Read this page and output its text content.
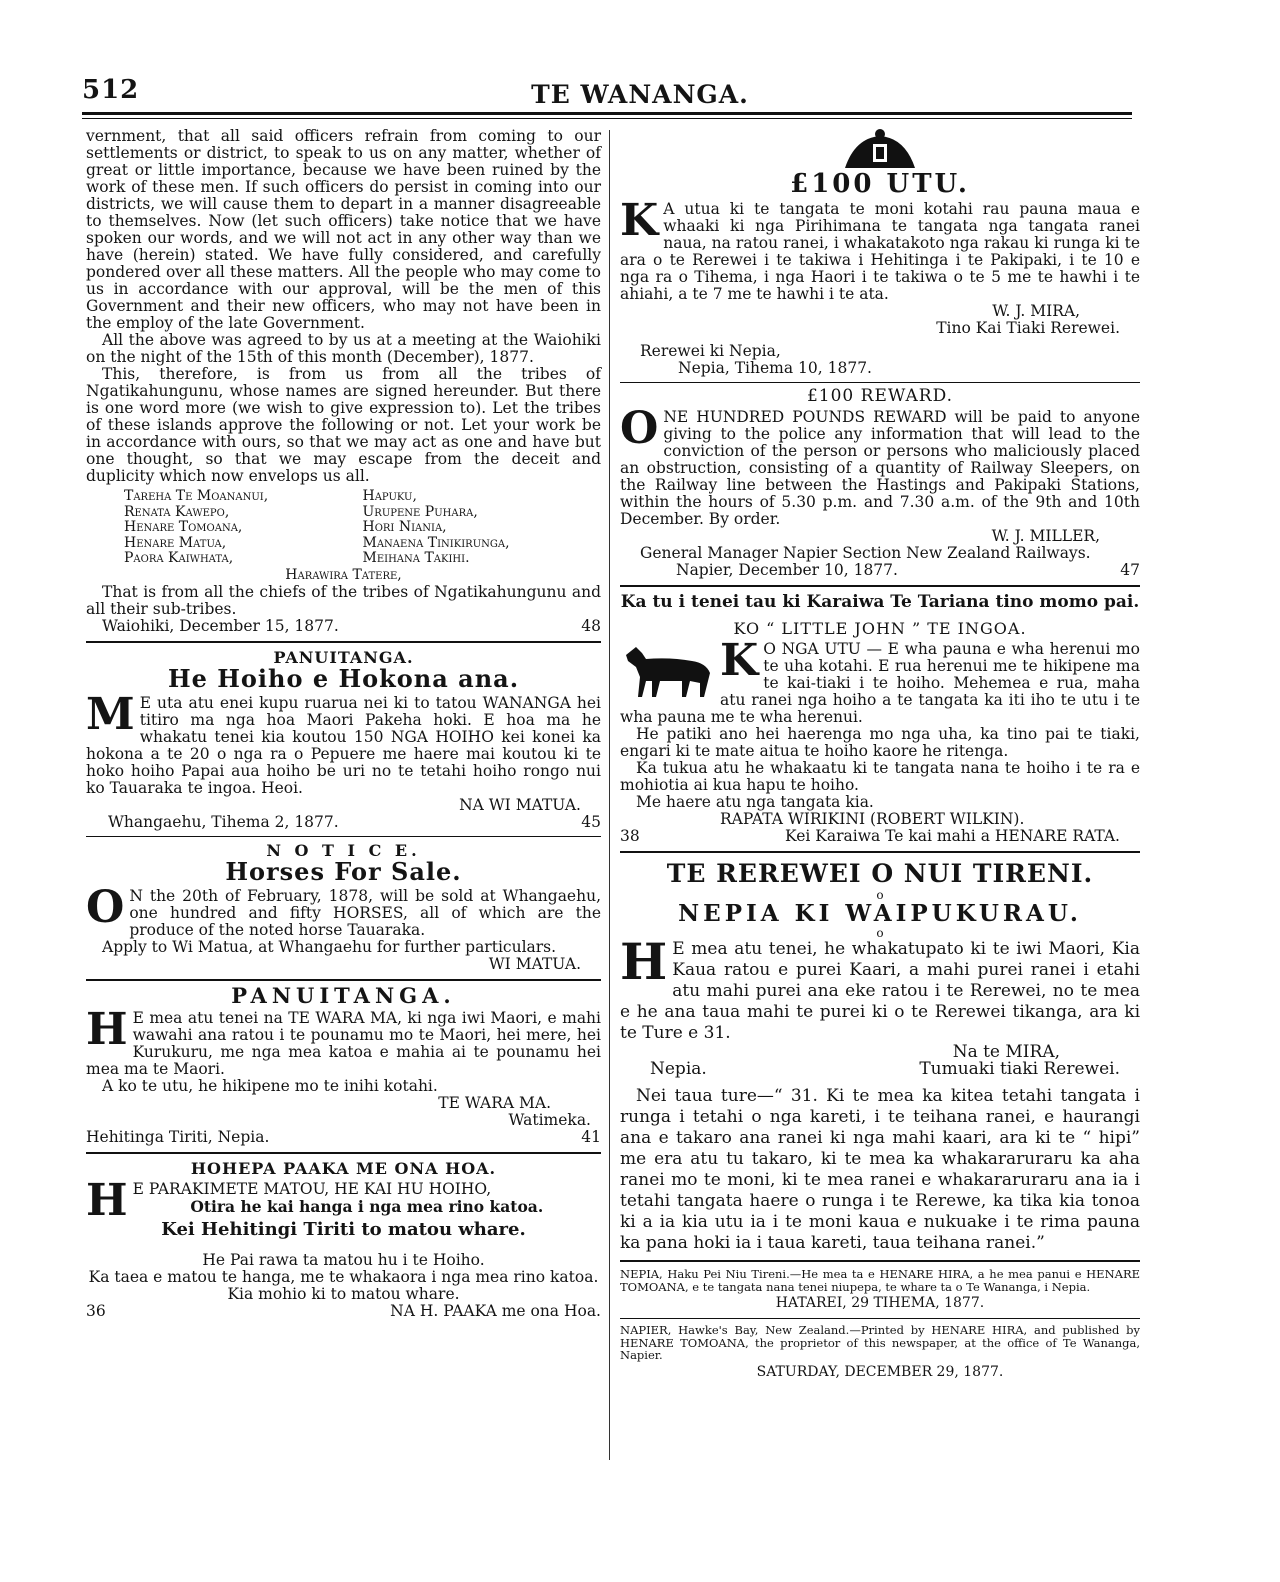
512	TE WANANGA.

vernment, that all said officers refrain from coming to our settlements or district, to speak to us on any matter, whether of great or little importance, because we have been ruined by the work of these men. If such officers do persist in coming into our districts, we will cause them to depart in a manner disagreeable to themselves. Now (let such officers) take notice that we have spoken our words, and we will not act in any other way than we have (herein) stated. We have fully considered, and carefully pondered over all these matters. All the people who may come to us in accordance with our approval, will be the men of this Government and their new officers, who may not have been in the employ of the late Government.

All the above was agreed to by us at a meeting at the Waiohiki on the night of the 15th of this month (December), 1877.

This, therefore, is from us from all the tribes of Ngatikahungunu, whose names are signed hereunder. But there is one word more (we wish to give expression to). Let the tribes of these islands approve the following or not. Let your work be in accordance with ours, so that we may act as one and have but one thought, so that we may escape from the deceit and duplicity which now envelops us all.

Tareha Te Moananui,	Hapuku,
Renata Kawepo,	Urupene Puhara,
Henare Tomoana,	Hori Niania,
Henare Matua,	Manaena Tinikirunga,
Paora Kaiwhata,	Meihana Takihi.
Harawira Tatere,

That is from all the chiefs of the tribes of Ngatikahungunu and all their sub-tribes.

Waiohiki, December 15, 1877.	48
PANUITANGA.
He Hoiho e Hokona ana.

M E uta atu enei kupu ruarua nei ki to tatou WANANGA hei titiro ma nga hoa Maori Pakeha hoki. E hoa ma he whakatu tenei kia koutou 150 NGA HOIHO kei konei ka hokona a te 20 o nga ra o Pepuere me haere mai koutou ki te hoko hoiho Papai aua hoiho be uri no te tetahi hoiho rongo nui ko Tauaraka te ingoa. Heoi.

NA WI MATUA.
Whangaehu, Tihema 2, 1877.	45
N O T I C E.
Horses For Sale.

O N the 20th of February, 1878, will be sold at Whangaehu, one hundred and fifty HORSES, all of which are the produce of the noted horse Tauaraka.

Apply to Wi Matua, at Whangaehu for further particulars.

WI MATUA.
PANUITANGA.

H E mea atu tenei na TE WARA MA, ki nga iwi Maori, e mahi wawahi ana ratou i te pounamu mo te Maori, hei mere, hei Kurukuru, me nga mea katoa e mahia ai te pounamu hei mea ma te Maori.

A ko te utu, he hikipene mo te inihi kotahi.

TE WARA MA.
Watimeka.
Hehitinga Tiriti, Nepia.	41
HOHEPA PAAKA ME ONA HOA.

H E PARAKIMETE MATOU, HE KAI HU HOIHO,

Otira he kai hanga i nga mea rino katoa.
Kei Hehitingi Tiriti to matou whare.
He Pai rawa ta matou hu i te Hoiho.
Ka taea e matou te hanga, me te whakaora i nga mea rino katoa.
Kia mohio ki to matou whare.
36	NA H. PAAKA me ona Hoa.
£100 UTU.

K A utua ki te tangata te moni kotahi rau pauna maua e whaaki ki nga Pirihimana te tangata nga tangata ranei naua, na ratou ranei, i whakatakoto nga rakau ki runga ki te ara o te Rerewei i te takiwa i Hehitinga i te Pakipaki, i te 10 e nga ra o Tihema, i nga Haori i te takiwa o te 5 me te hawhi i te ahiahi, a te 7 me te hawhi i te ata.

W. J. MIRA,
Tino Kai Tiaki Rerewei.
Rerewei ki Nepia,
Nepia, Tihema 10, 1877.
£100 REWARD.

ONE HUNDRED POUNDS REWARD will be paid to anyone giving to the police any information that will lead to the conviction of the person or persons who maliciously placed an obstruction, consisting of a quantity of Railway Sleepers, on the Railway line between the Hastings and Pakipaki Stations, within the hours of 5.30 p.m. and 7.30 a.m. of the 9th and 10th December. By order.

W. J. MILLER,
General Manager Napier Section New Zealand Railways.
Napier, December 10, 1877.	47
Ka tu i tenei tau ki Karaiwa Te Tariana tino momo pai.
KO “ LITTLE JOHN ” TE INGOA.

K O NGA UTU — E wha pauna e wha herenui mo te uha kotahi. E rua herenui me te hikipene ma te kai-tiaki i te hoiho. Mehemea e rua, maha atu ranei nga hoiho a te tangata ka iti iho te utu i te wha pauna me te wha herenui.

He patiki ano hei haerenga mo nga uha, ka tino pai te tiaki, engari ki te mate aitua te hoiho kaore he ritenga.

Ka tukua atu he whakaatu ki te tangata nana te hoiho i te ra e mohiotia ai kua hapu te hoiho.

Me haere atu nga tangata kia.

RAPATA WIRIKINI (ROBERT WILKIN).
38	Kei Karaiwa Te kai mahi a HENARE RATA.
TE REREWEI O NUI TIRENI.
o
NEPIA KI WAIPUKURAU.
o

H E mea atu tenei, he whakatupato ki te iwi Maori, Kia Kaua ratou e purei Kaari, a mahi purei ranei i etahi atu mahi purei ana eke ratou i te Rerewei, no te mea e he ana taua mahi te purei ki o te Rerewei tikanga, ara ki te Ture e 31.

Na te MIRA,
Nepia.	Tumuaki tiaki Rerewei.

Nei taua ture—“ 31. Ki te mea ka kitea tetahi tangata i runga i tetahi o nga kareti, i te teihana ranei, e haurangi ana e takaro ana ranei ki nga mahi kaari, ara ki te “ hipi” me era atu tu takaro, ki te mea ka whakararuraru ka aha ranei mo te moni, ki te mea ranei e whakararuraru ana ia i tetahi tangata haere o runga i te Rerewe, ka tika kia tonoa ki a ia kia utu ia i te moni kaua e nukuake i te rima pauna ka pana hoki ia i taua kareti, taua teihana ranei.”

NEPIA, Haku Pei Niu Tireni.—He mea ta e HENARE HIRA, a he mea panui e HENARE TOMOANA, e te tangata nana tenei niupepa, te whare ta o Te Wananga, i Nepia.

HATAREI, 29 TIHEMA, 1877.

NAPIER, Hawke's Bay, New Zealand.—Printed by HENARE HIRA, and published by HENARE TOMOANA, the proprietor of this newspaper, at the office of Te Wananga, Napier.

SATURDAY, DECEMBER 29, 1877.
